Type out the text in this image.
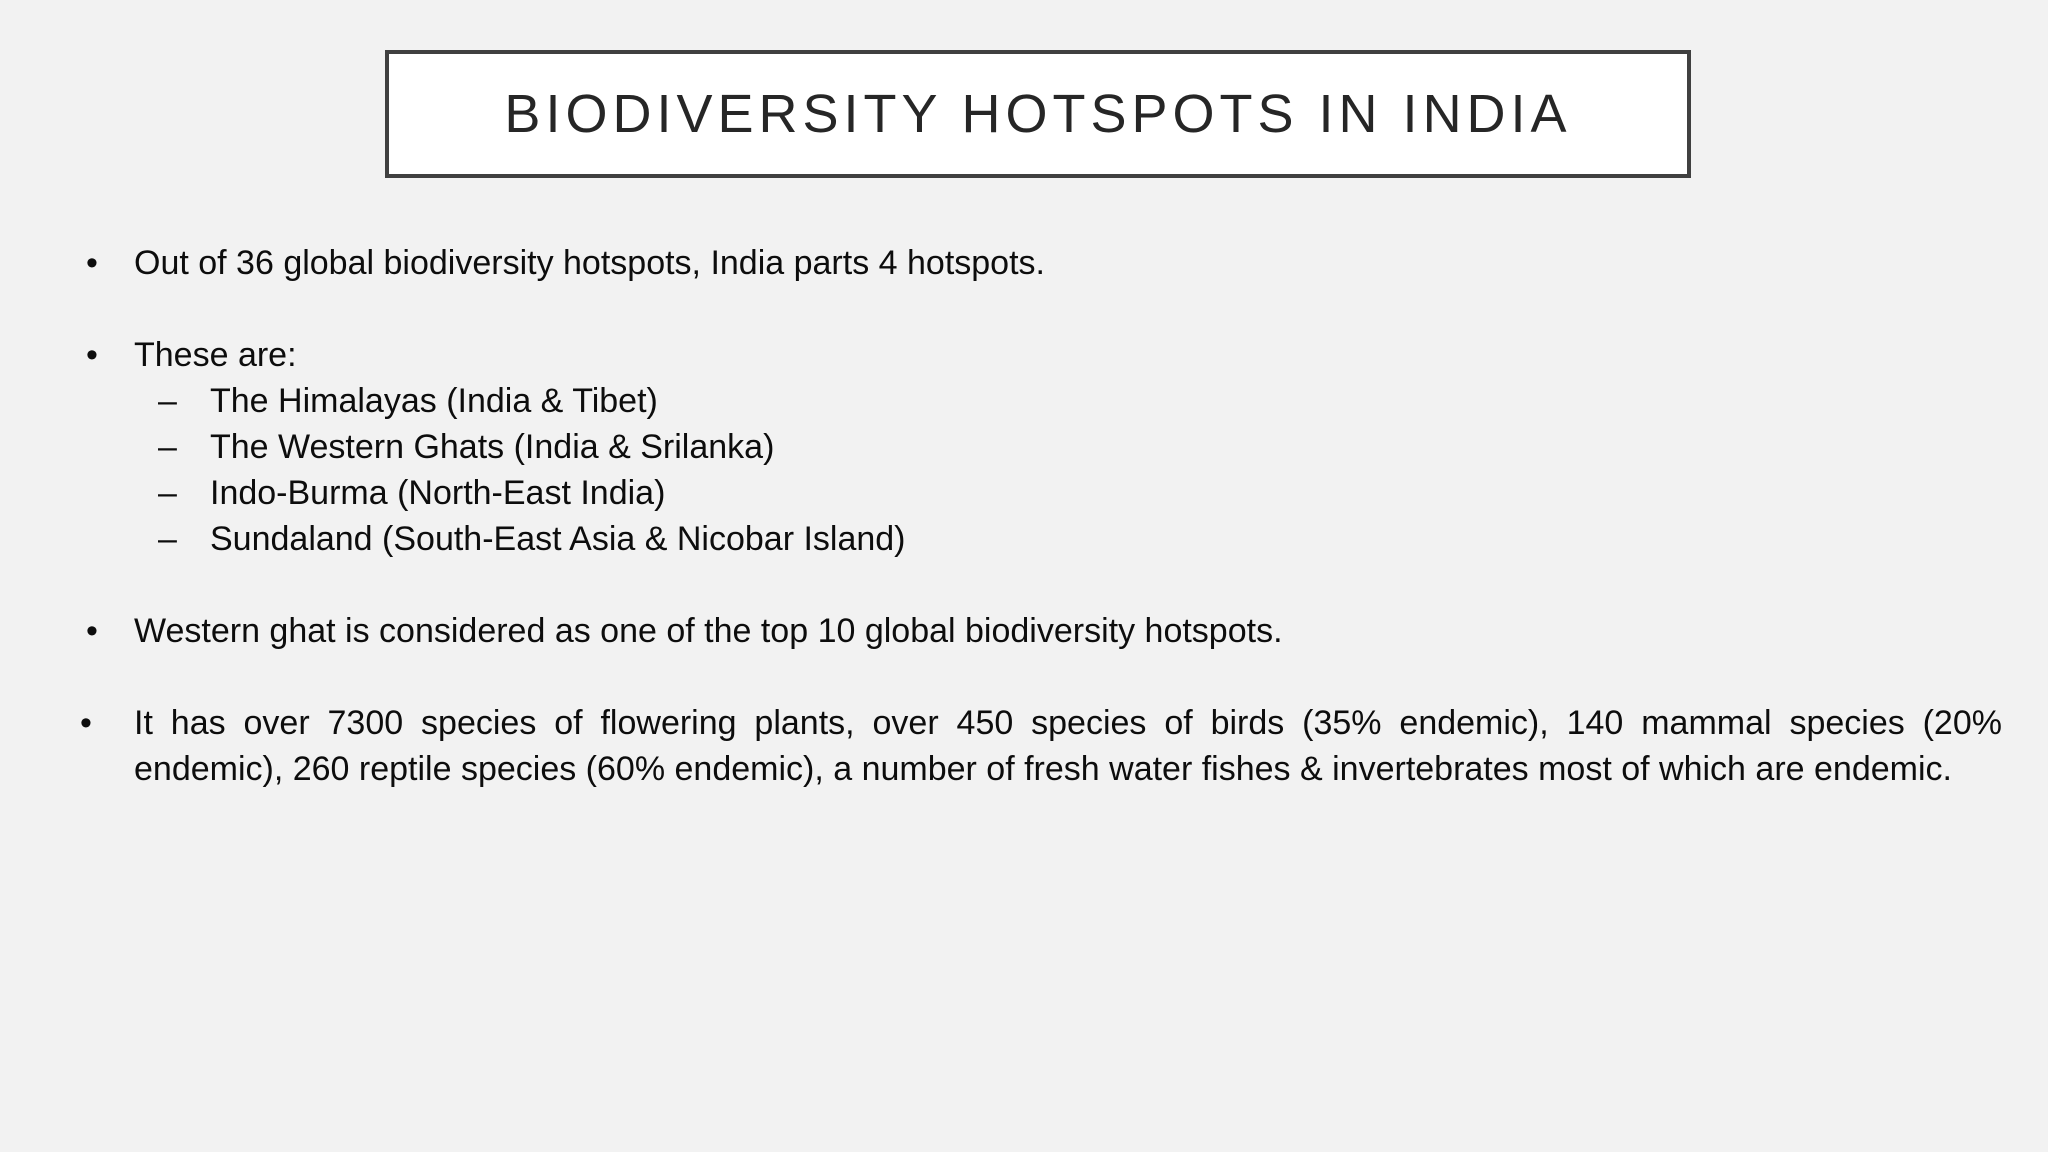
BIODIVERSITY HOTSPOTS IN INDIA
• Out of 36 global biodiversity hotspots, India parts 4 hotspots.
• These are:
– The Himalayas (India & Tibet)
– The Western Ghats (India & Srilanka)
– Indo-Burma (North-East India)
– Sundaland (South-East Asia & Nicobar Island)
• Western ghat is considered as one of the top 10 global biodiversity hotspots.
•	It has over 7300 species of flowering plants, over 450 species of birds (35% endemic), 140 mammal species (20% endemic), 260 reptile species (60% endemic), a number of fresh water fishes & invertebrates most of which are endemic.
